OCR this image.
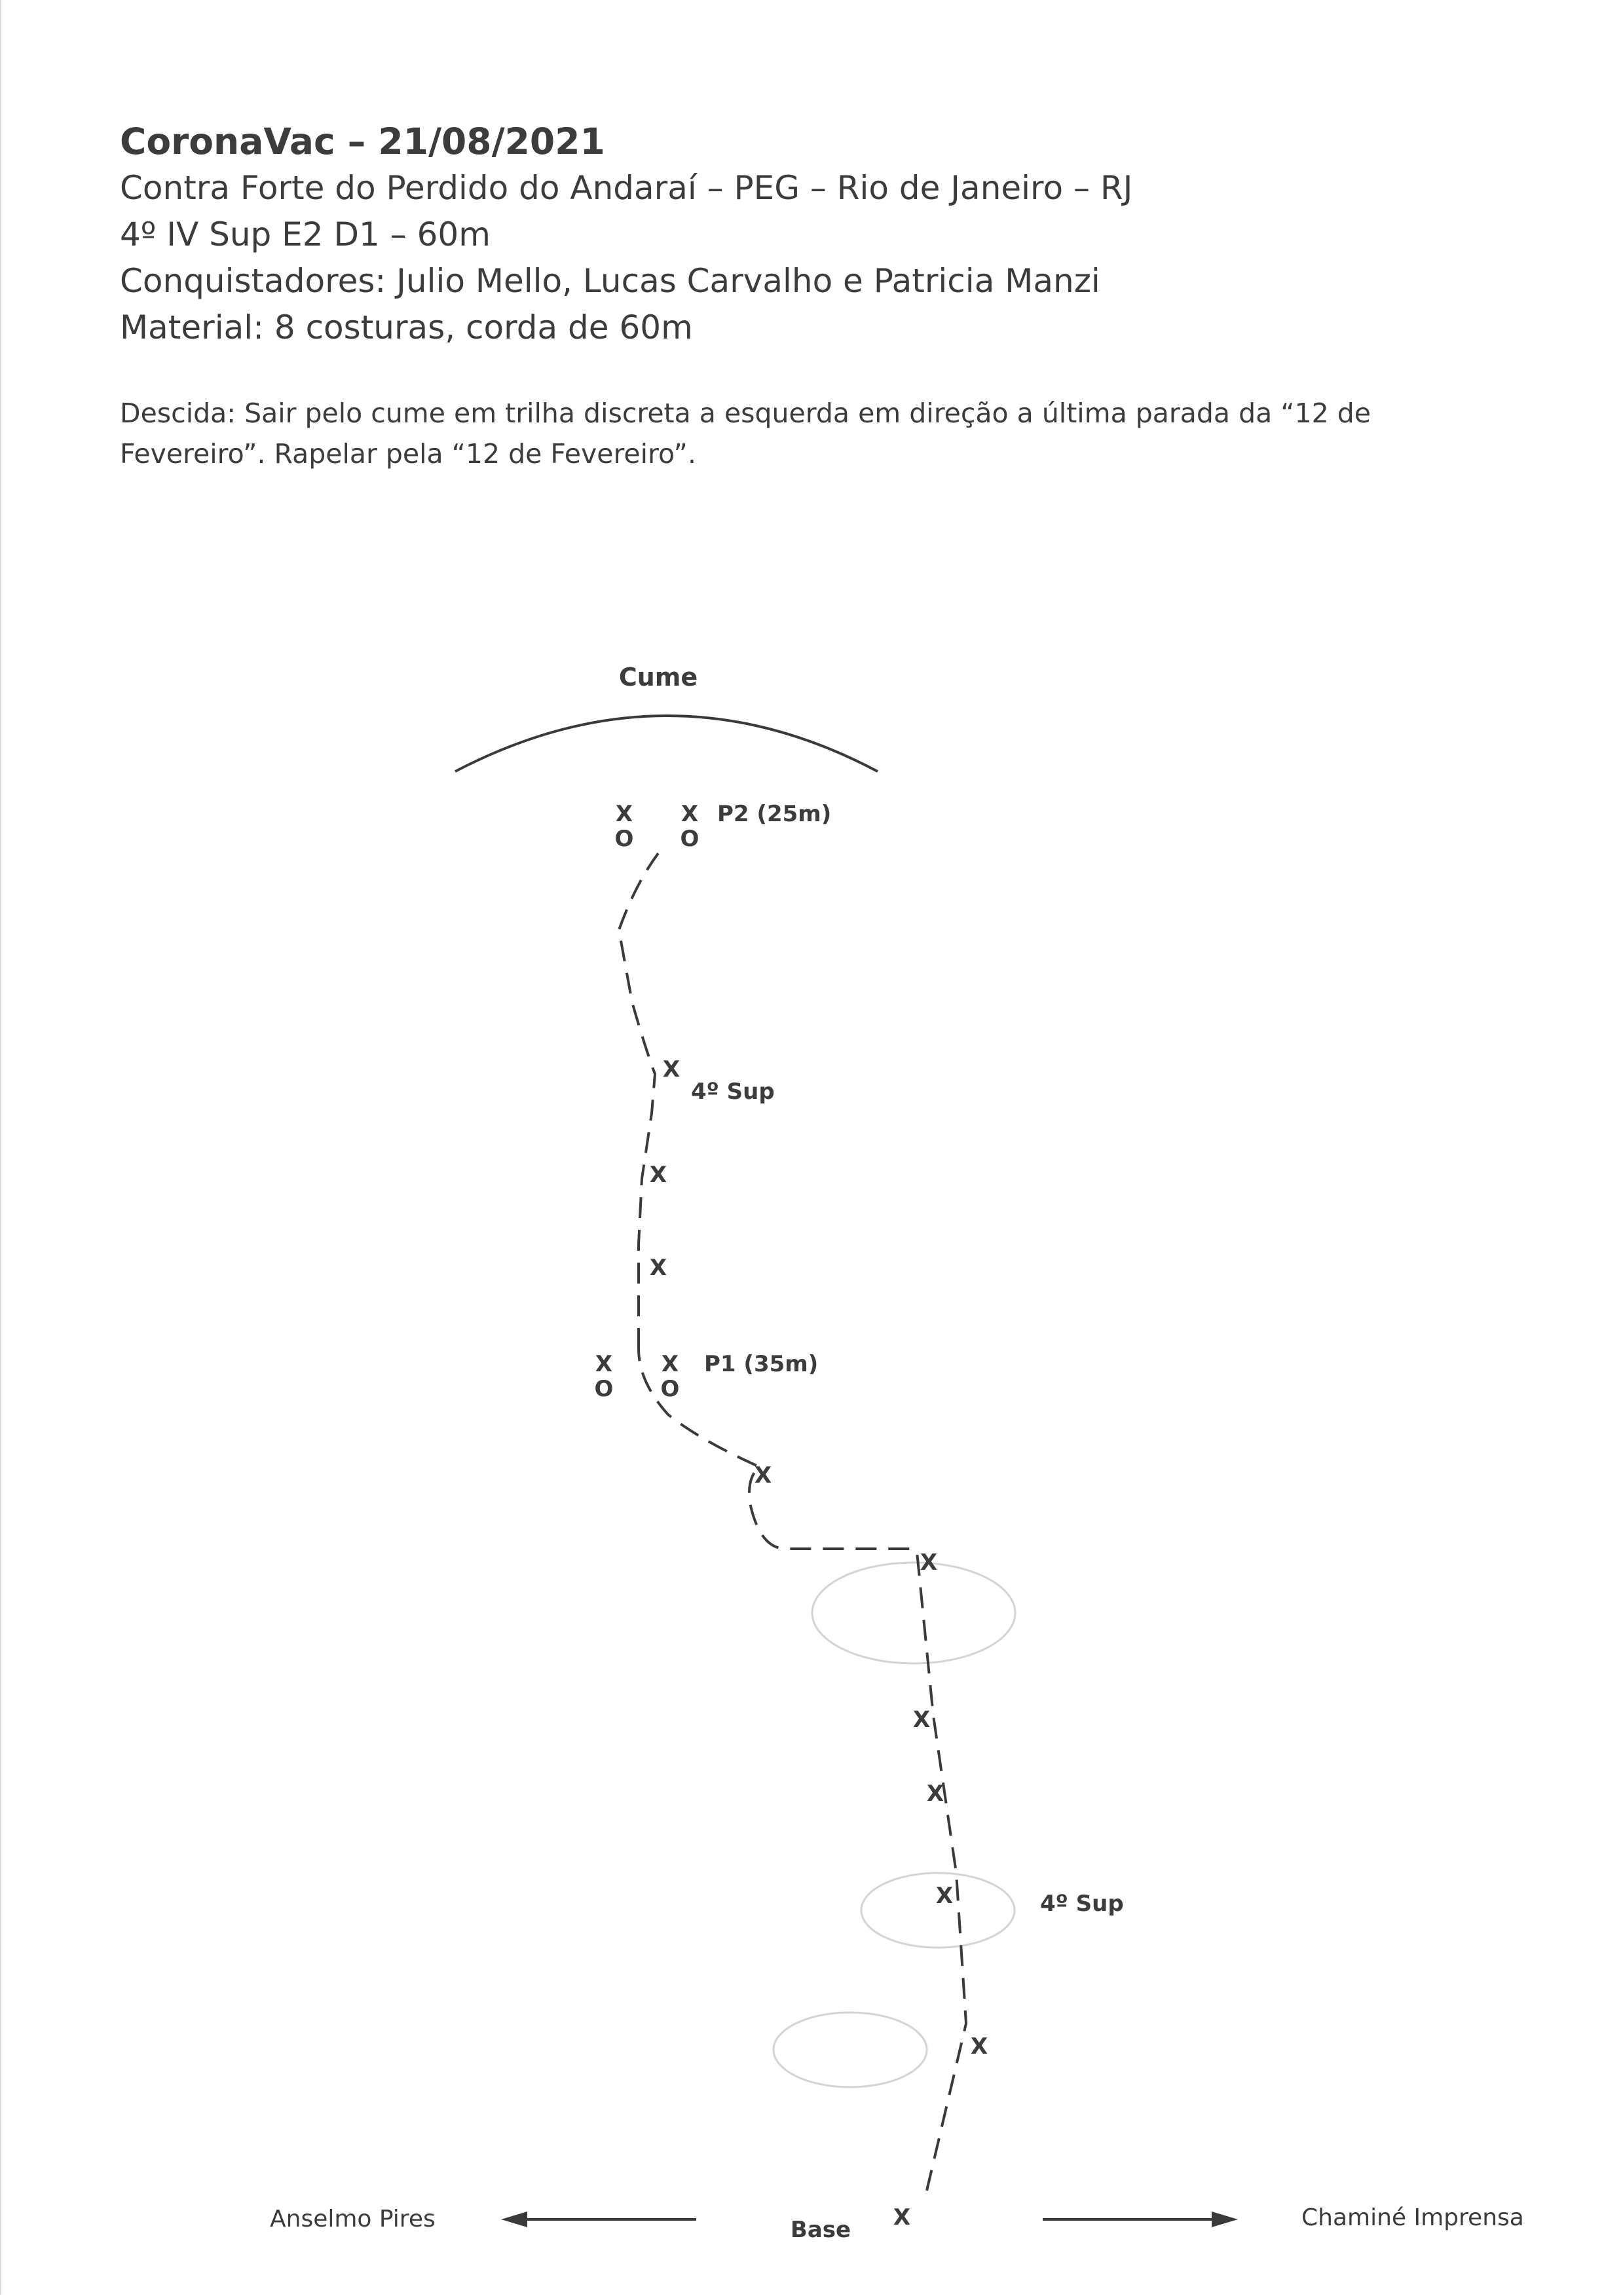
CoronaVac – 21/08/2021

Contra Forte do Perdido do Andaraí – PEG – Rio de Janeiro – RJ

4º IV Sup E2 D1 – 60m

Conquistadores: Julio Mello, Lucas Carvalho e Patricia Manzi

Material: 8 costuras, corda de 60m

Descida: Sair pelo cume em trilha discreta a esquerda em direção a última parada da “12 de Fevereiro”. Rapelar pela “12 de Fevereiro”.

Cume
X
O
X
O
P2 (25m)
X
4º Sup
X
X
X
O
X
O
P1 (35m)
X
X
X
X
X	4º Sup
X
X
Base
Anselmo Pires	Chaminé Imprensa
